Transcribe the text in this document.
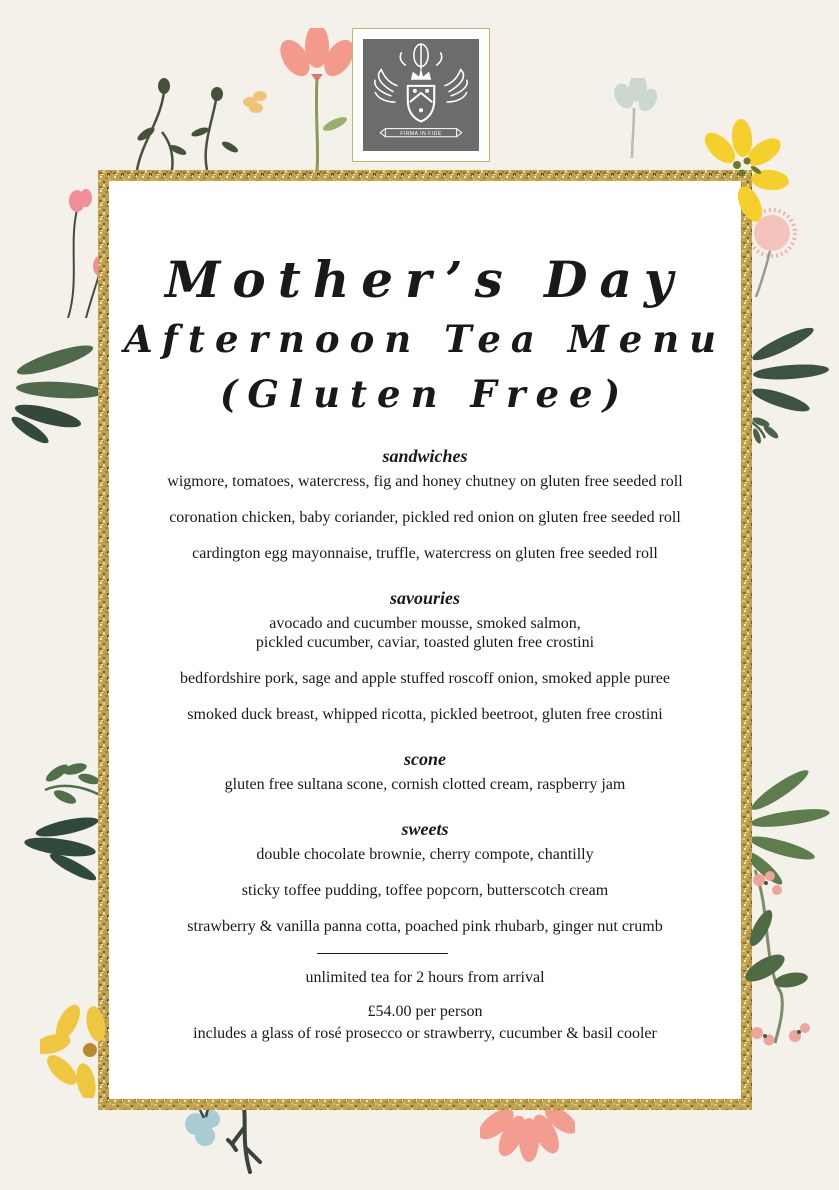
Mother’s Day
Afternoon Tea Menu
(Gluten Free)
sandwiches
wigmore, tomatoes, watercress, fig and honey chutney on gluten free seeded roll
coronation chicken, baby coriander, pickled red onion on gluten free seeded roll
cardington egg mayonnaise, truffle, watercress on gluten free seeded roll
savouries
avocado and cucumber mousse, smoked salmon,
pickled cucumber, caviar, toasted gluten free crostini
bedfordshire pork, sage and apple stuffed roscoff onion, smoked apple puree
smoked duck breast, whipped ricotta, pickled beetroot, gluten free crostini
scone
gluten free sultana scone, cornish clotted cream, raspberry jam
sweets
double chocolate brownie, cherry compote, chantilly
sticky toffee pudding, toffee popcorn, butterscotch cream
strawberry & vanilla panna cotta, poached pink rhubarb, ginger nut crumb
unlimited tea for 2 hours from arrival
£54.00 per person
includes a glass of rosé prosecco or strawberry, cucumber & basil cooler
FIRMA IN FIDE
